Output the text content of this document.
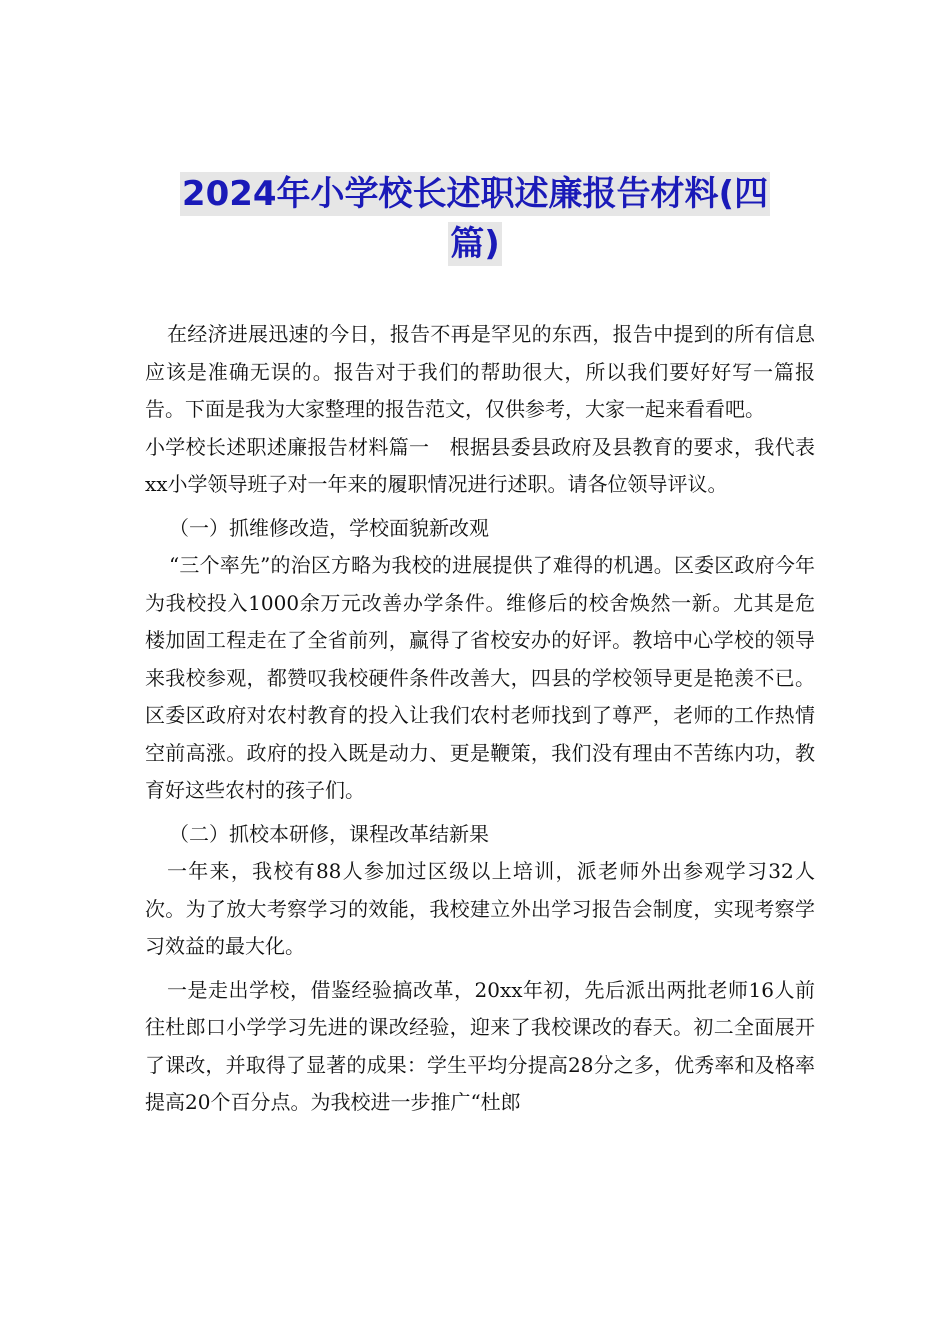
2024年小学校长述职述廉报告材料(四
篇)

在经济进展迅速的今日，报告不再是罕见的东西，报告中提到的所有信息应该是准确无误的。报告对于我们的帮助很大，所以我们要好好写一篇报告。下面是我为大家整理的报告范文，仅供参考，大家一起来看看吧。

小学校长述职述廉报告材料篇一　根据县委县政府及县教育的要求，我代表xx小学领导班子对一年来的履职情况进行述职。请各位领导评议。

（一）抓维修改造，学校面貌新改观

“三个率先”的治区方略为我校的进展提供了难得的机遇。区委区政府今年为我校投入1000余万元改善办学条件。维修后的校舍焕然一新。尤其是危楼加固工程走在了全省前列，赢得了省校安办的好评。教培中心学校的领导来我校参观，都赞叹我校硬件条件改善大，四县的学校领导更是艳羡不已。区委区政府对农村教育的投入让我们农村老师找到了尊严，老师的工作热情空前高涨。政府的投入既是动力、更是鞭策，我们没有理由不苦练内功，教育好这些农村的孩子们。

（二）抓校本研修，课程改革结新果

一年来，我校有88人参加过区级以上培训，派老师外出参观学习32人次。为了放大考察学习的效能，我校建立外出学习报告会制度，实现考察学习效益的最大化。

一是走出学校，借鉴经验搞改革，20xx年初，先后派出两批老师16人前往杜郎口小学学习先进的课改经验，迎来了我校课改的春天。初二全面展开了课改，并取得了显著的成果：学生平均分提高28分之多，优秀率和及格率提高20个百分点。为我校进一步推广“杜郎
